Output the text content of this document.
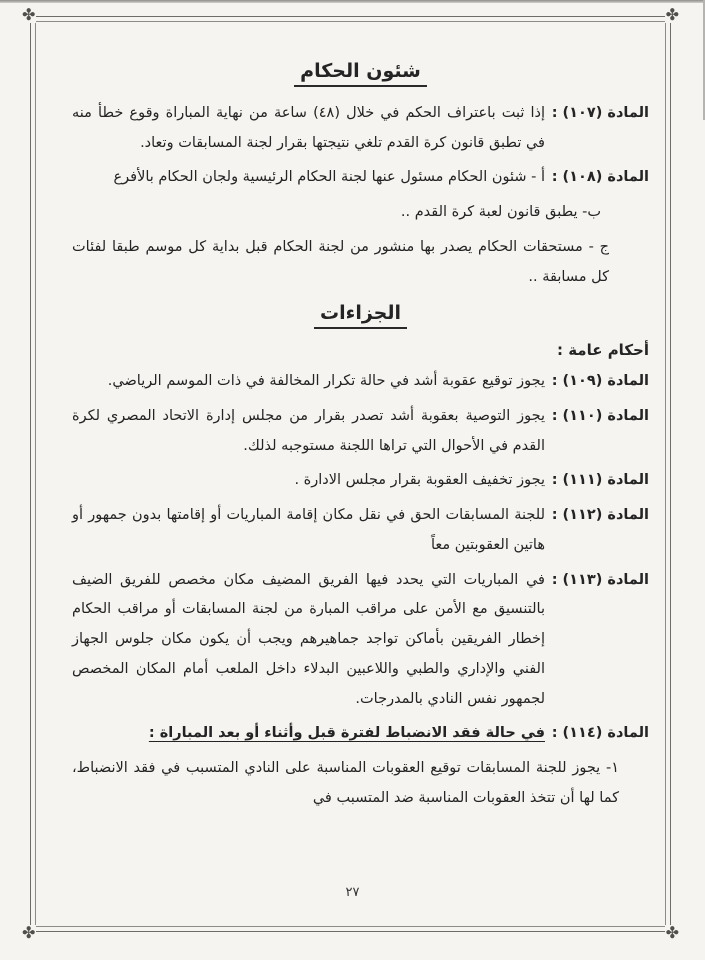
✤	✤
✤	✤
شئون الحكام
المادة (١٠٧) :
إذا ثبت باعتراف الحكم في خلال (٤٨) ساعة من نهاية المباراة وقوع خطأ منه في تطبق قانون كرة القدم تلغي نتيجتها بقرار لجنة المسابقات وتعاد.
المادة (١٠٨) :
أ - شئون الحكام مسئول عنها لجنة الحكام الرئيسية ولجان الحكام بالأفرع
ب- يطبق قانون لعبة كرة القدم ..
ج - مستحقات الحكام يصدر بها منشور من لجنة الحكام قبل بداية كل موسم طبقا لفئات كل مسابقة ..
الجزاءات
أحكام عامة :
المادة (١٠٩) :
يجوز توقيع عقوبة أشد في حالة تكرار المخالفة في ذات الموسم الرياضي.
المادة (١١٠) :
يجوز التوصية بعقوبة أشد تصدر بقرار من مجلس إدارة الاتحاد المصري لكرة القدم في الأحوال التي تراها اللجنة مستوجبه لذلك.
المادة (١١١) :
يجوز تخفيف العقوبة بقرار مجلس الادارة .
المادة (١١٢) :
للجنة المسابقات الحق في نقل مكان إقامة المباريات أو إقامتها بدون جمهور أو هاتين العقوبتين معاً
المادة (١١٣) :
في المباريات التي يحدد فيها الفريق المضيف مكان مخصص للفريق الضيف بالتنسيق مع الأمن على مراقب المبارة من لجنة المسابقات أو مراقب الحكام إخطار الفريقين بأماكن تواجد جماهيرهم ويجب أن يكون مكان جلوس الجهاز الفني والإداري والطبي واللاعبين البدلاء داخل الملعب أمام المكان المخصص لجمهور نفس النادي بالمدرجات.
المادة (١١٤) :
في حالة فقد الانضباط لفترة قبل وأثناء أو بعد المباراة :
١- يجوز للجنة المسابقات توقيع العقوبات المناسبة على النادي المتسبب في فقد الانضباط، كما لها أن تتخذ العقوبات المناسبة ضد المتسبب في
٢٧
